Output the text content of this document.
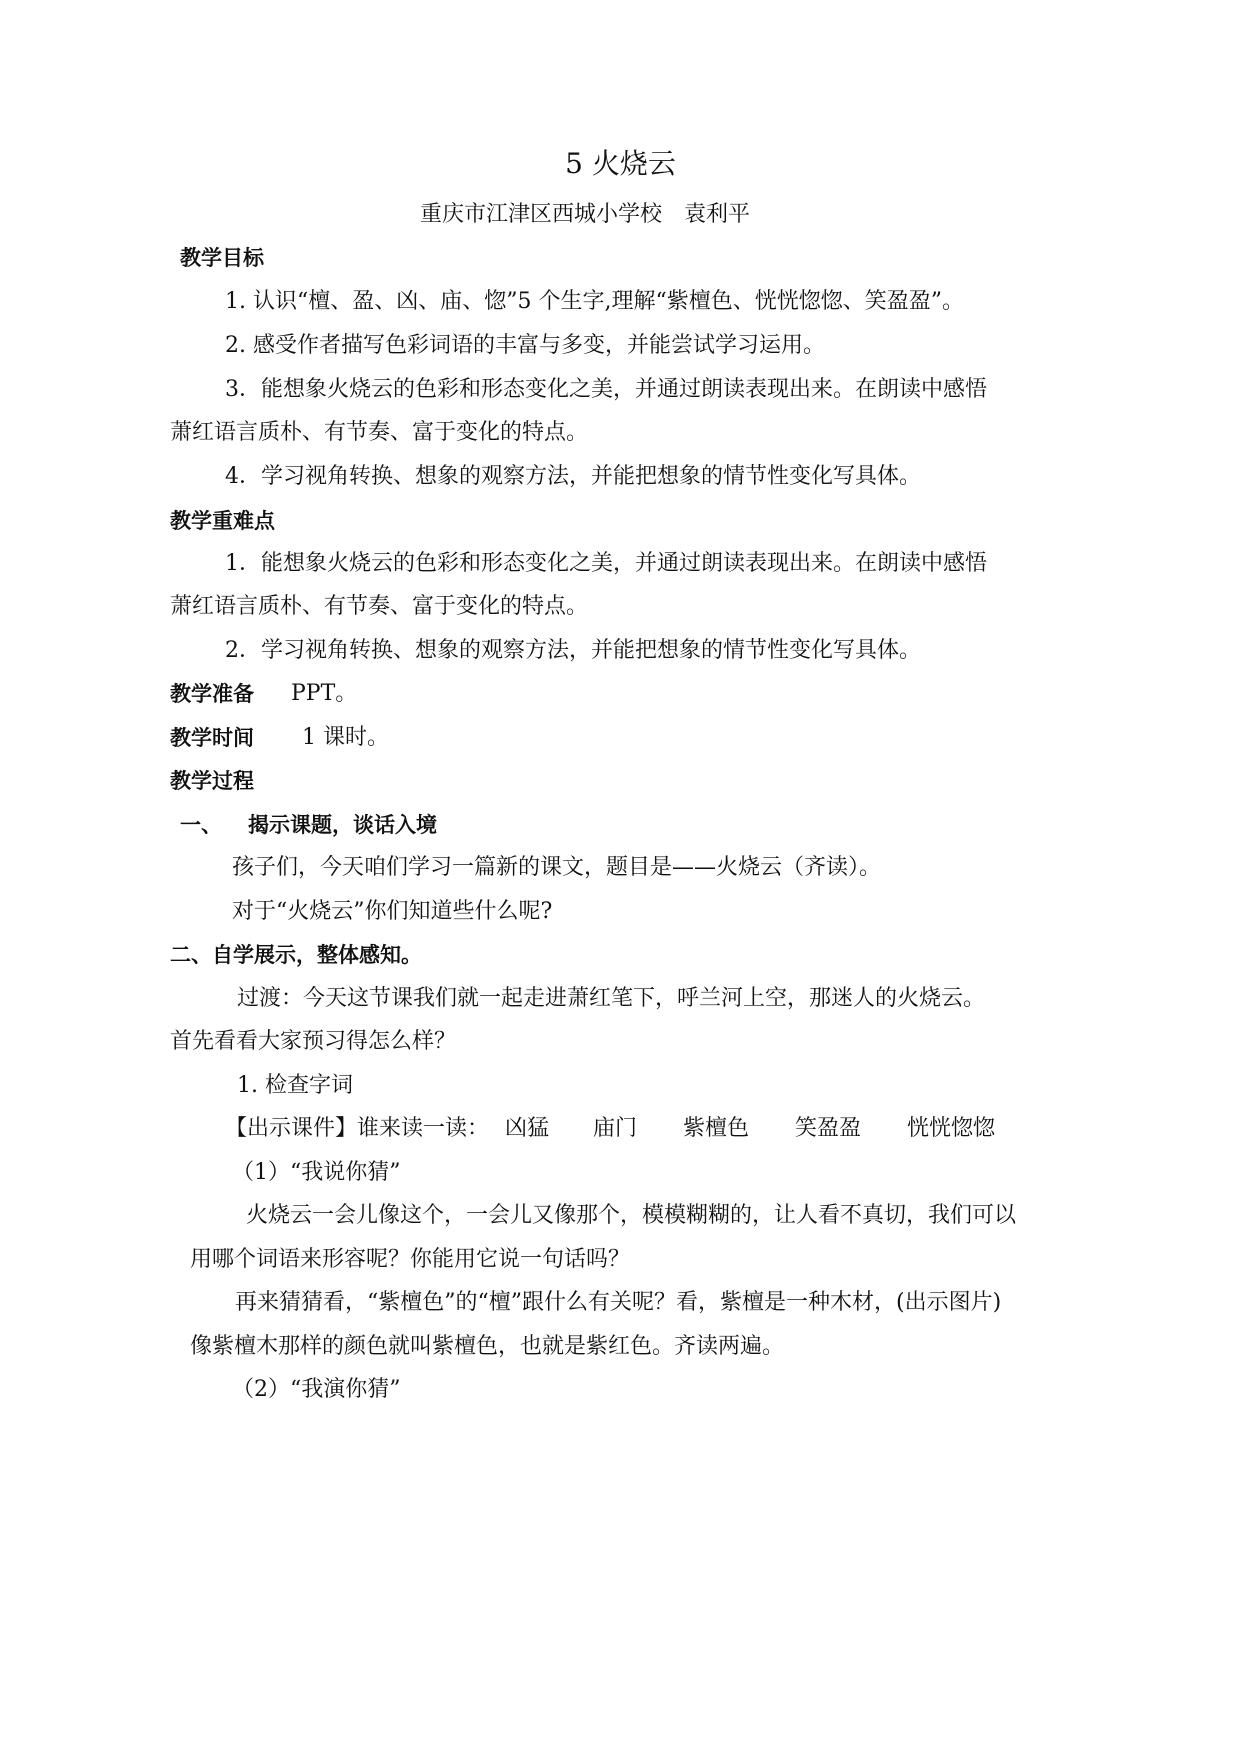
5 火烧云
重庆市江津区西城小学校　袁利平
教学目标
1. 认识“檀、盈、凶、庙、惚”5 个生字,理解“紫檀色、恍恍惚惚、笑盈盈”。
2. 感受作者描写色彩词语的丰富与多变，并能尝试学习运用。
3．能想象火烧云的色彩和形态变化之美，并通过朗读表现出来。在朗读中感悟
萧红语言质朴、有节奏、富于变化的特点。
4．学习视角转换、想象的观察方法，并能把想象的情节性变化写具体。
教学重难点
1．能想象火烧云的色彩和形态变化之美，并通过朗读表现出来。在朗读中感悟
萧红语言质朴、有节奏、富于变化的特点。
2．学习视角转换、想象的观察方法，并能把想象的情节性变化写具体。
教学准备 PPT。
教学时间 1 课时。
教学过程
一、 揭示课题，谈话入境
孩子们，今天咱们学习一篇新的课文，题目是——火烧云（齐读）。
对于“火烧云”你们知道些什么呢?
二、自学展示，整体感知。
过渡：今天这节课我们就一起走进萧红笔下，呼兰河上空，那迷人的火烧云。
首先看看大家预习得怎么样？
1. 检查字词
【出示课件】谁来读一读： 凶猛 庙门 紫檀色 笑盈盈 恍恍惚惚
（1）“我说你猜”
火烧云一会儿像这个，一会儿又像那个，模模糊糊的，让人看不真切，我们可以
用哪个词语来形容呢？你能用它说一句话吗？
再来猜猜看，“紫檀色”的“檀”跟什么有关呢？看，紫檀是一种木材，(出示图片)
像紫檀木那样的颜色就叫紫檀色，也就是紫红色。齐读两遍。
（2）“我演你猜”
